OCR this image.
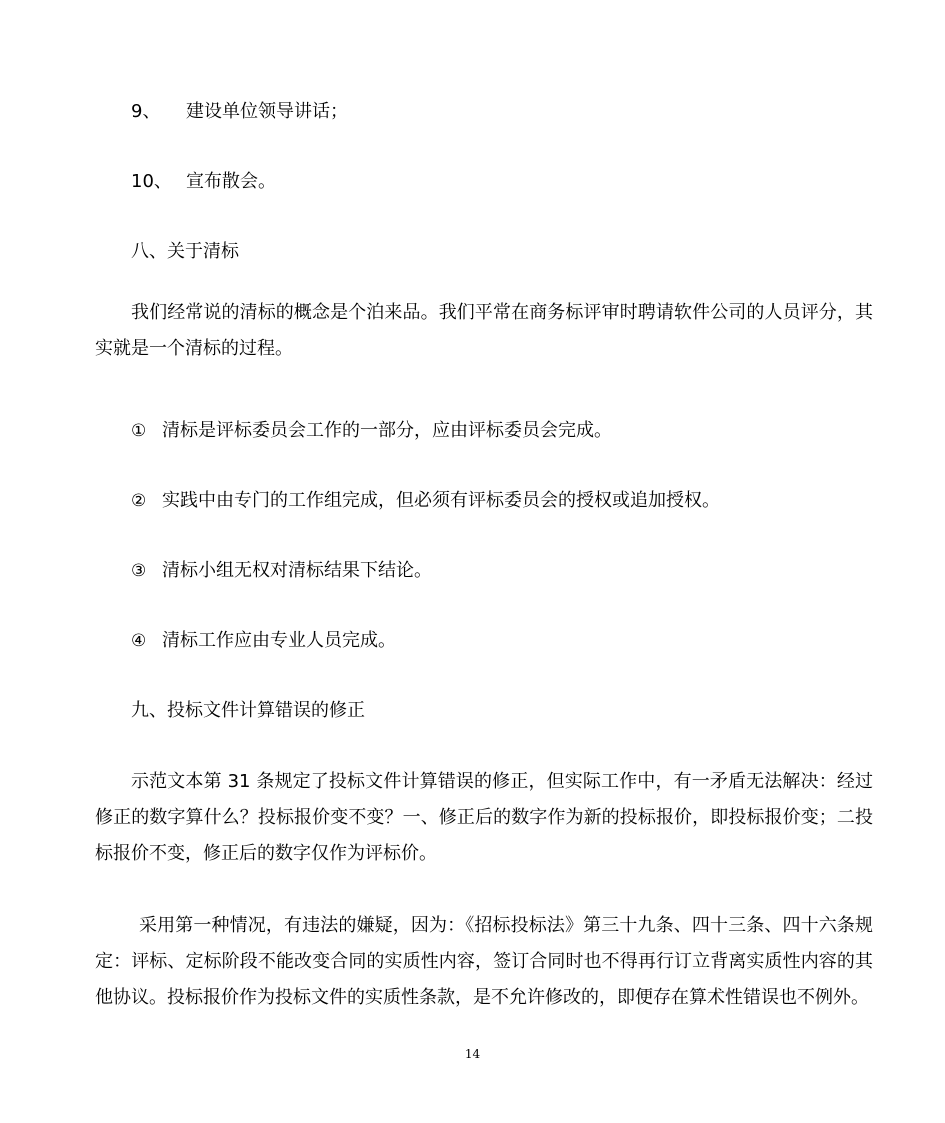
9、 建设单位领导讲话；
10、 宣布散会。
八、关于清标

我们经常说的清标的概念是个泊来品。我们平常在商务标评审时聘请软件公司的人员评分，其实就是一个清标的过程。

① 清标是评标委员会工作的一部分，应由评标委员会完成。
② 实践中由专门的工作组完成，但必须有评标委员会的授权或追加授权。
③ 清标小组无权对清标结果下结论。
④ 清标工作应由专业人员完成。
九、投标文件计算错误的修正

示范文本第 31 条规定了投标文件计算错误的修正，但实际工作中，有一矛盾无法解决：经过修正的数字算什么？投标报价变不变？一、修正后的数字作为新的投标报价，即投标报价变；二投标报价不变，修正后的数字仅作为评标价。

采用第一种情况，有违法的嫌疑，因为：《招标投标法》第三十九条、四十三条、四十六条规定：评标、定标阶段不能改变合同的实质性内容，签订合同时也不得再行订立背离实质性内容的其他协议。投标报价作为投标文件的实质性条款，是不允许修改的，即便存在算术性错误也不例外。

14
